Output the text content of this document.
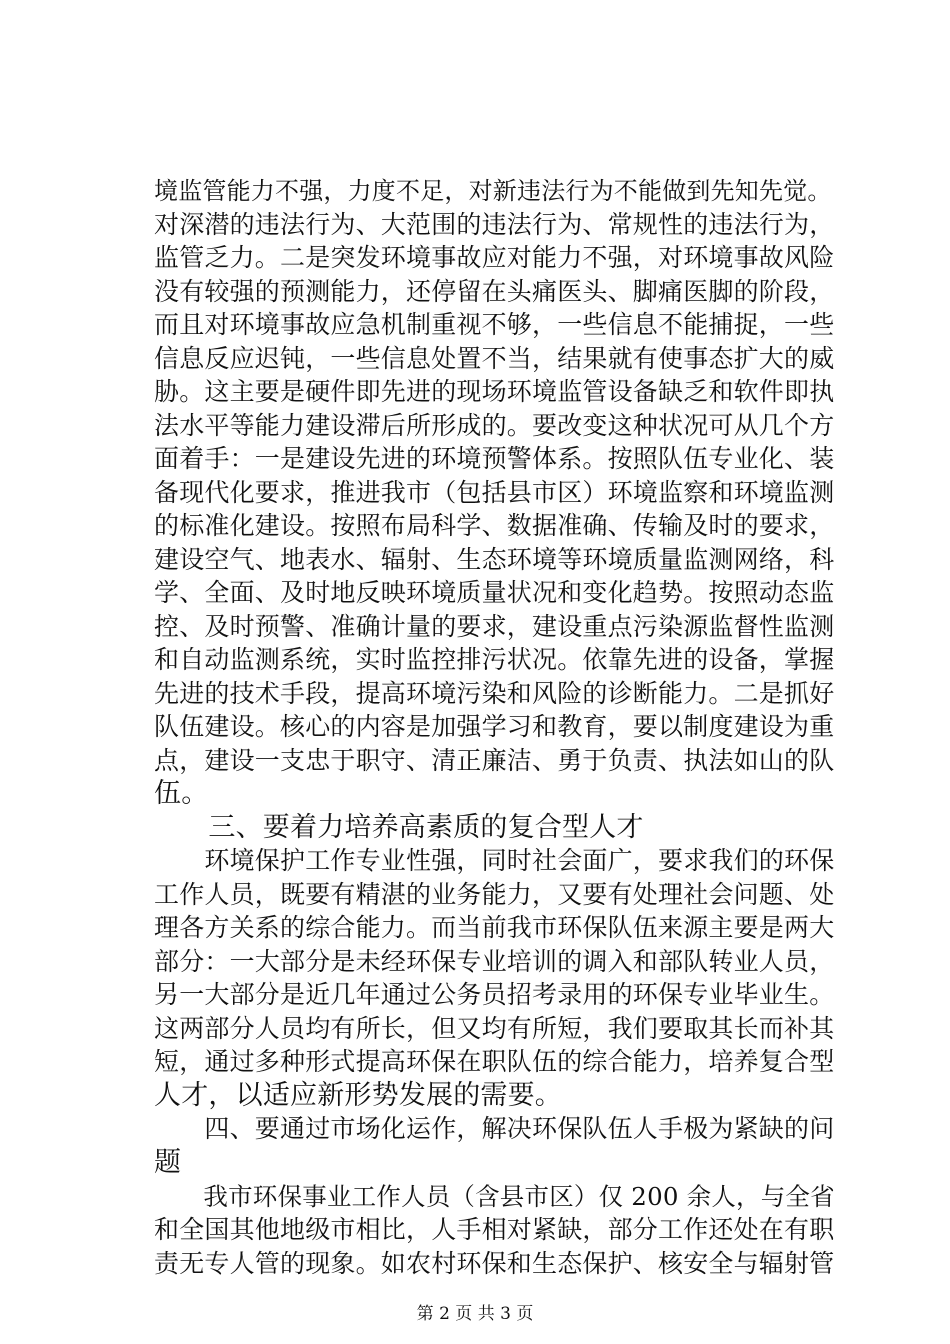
境监管能力不强，力度不足，对新违法行为不能做到先知先觉。
对深潜的违法行为、大范围的违法行为、常规性的违法行为，
监管乏力。二是突发环境事故应对能力不强，对环境事故风险
没有较强的预测能力，还停留在头痛医头、脚痛医脚的阶段，
而且对环境事故应急机制重视不够，一些信息不能捕捉，一些
信息反应迟钝，一些信息处置不当，结果就有使事态扩大的威
胁。这主要是硬件即先进的现场环境监管设备缺乏和软件即执
法水平等能力建设滞后所形成的。要改变这种状况可从几个方
面着手：一是建设先进的环境预警体系。按照队伍专业化、装
备现代化要求，推进我市（包括县市区）环境监察和环境监测
的标准化建设。按照布局科学、数据准确、传输及时的要求，
建设空气、地表水、辐射、生态环境等环境质量监测网络，科
学、全面、及时地反映环境质量状况和变化趋势。按照动态监
控、及时预警、准确计量的要求，建设重点污染源监督性监测
和自动监测系统，实时监控排污状况。依靠先进的设备，掌握
先进的技术手段，提高环境污染和风险的诊断能力。二是抓好
队伍建设。核心的内容是加强学习和教育，要以制度建设为重
点，建设一支忠于职守、清正廉洁、勇于负责、执法如山的队
伍。
　　三、要着力培养高素质的复合型人才
　　环境保护工作专业性强，同时社会面广，要求我们的环保
工作人员，既要有精湛的业务能力，又要有处理社会问题、处
理各方关系的综合能力。而当前我市环保队伍来源主要是两大
部分：一大部分是未经环保专业培训的调入和部队转业人员，
另一大部分是近几年通过公务员招考录用的环保专业毕业生。
这两部分人员均有所长，但又均有所短，我们要取其长而补其
短，通过多种形式提高环保在职队伍的综合能力，培养复合型
人才，以适应新形势发展的需要。
　　四、要通过市场化运作，解决环保队伍人手极为紧缺的问
题
　　我市环保事业工作人员（含县市区）仅 200 余人，与全省
和全国其他地级市相比，人手相对紧缺，部分工作还处在有职
责无专人管的现象。如农村环保和生态保护、核安全与辐射管
第 2 页 共 3 页
